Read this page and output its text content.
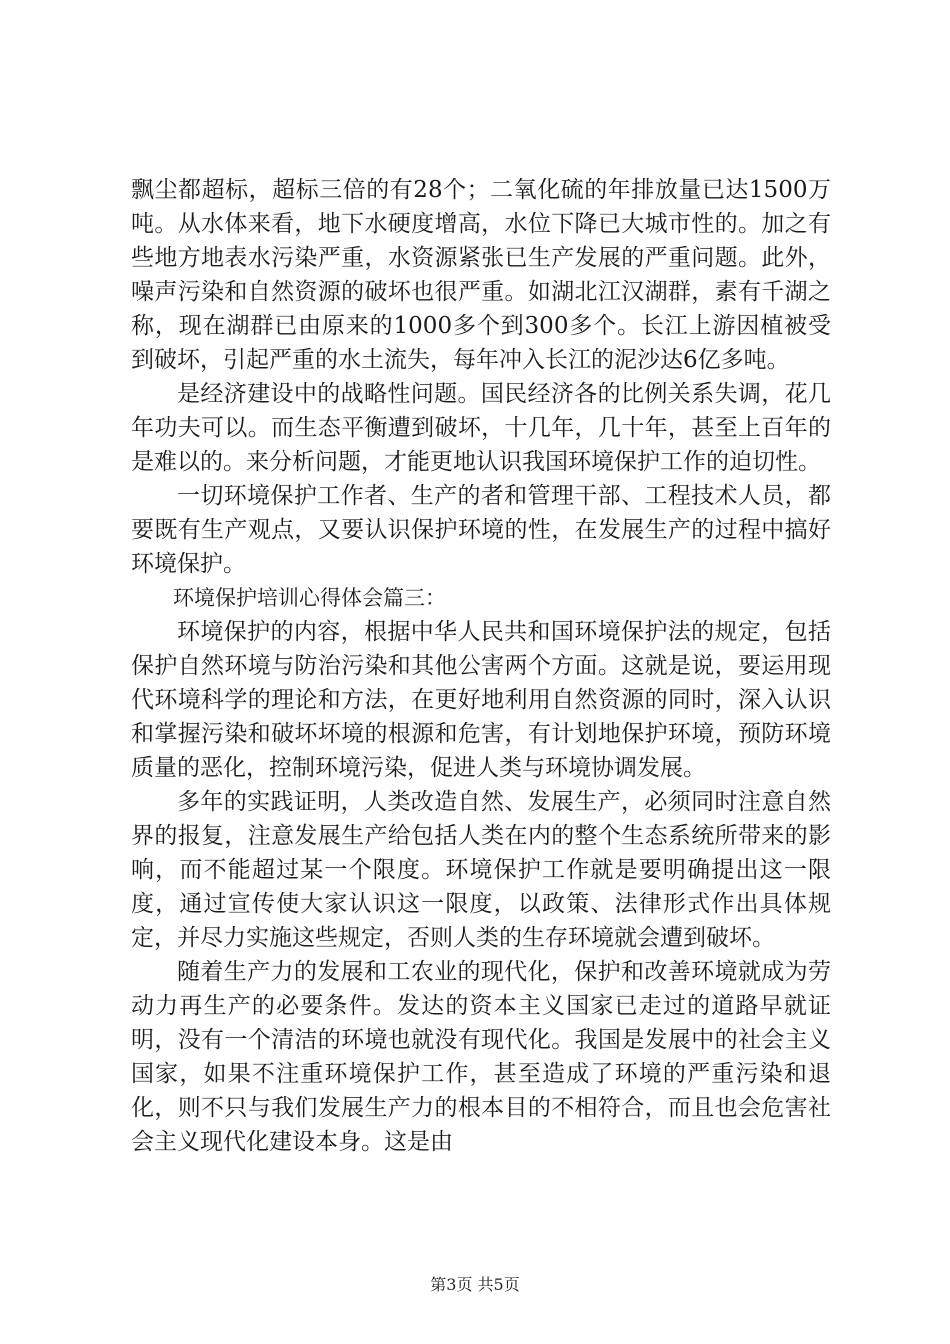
飘尘都超标，超标三倍的有28个；二氧化硫的年排放量已达1500万吨。从水体来看，地下水硬度增高，水位下降已大城市性的。加之有些地方地表水污染严重，水资源紧张已生产发展的严重问题。此外，噪声污染和自然资源的破坏也很严重。如湖北江汉湖群，素有千湖之称，现在湖群已由原来的1000多个到300多个。长江上游因植被受到破坏，引起严重的水土流失，每年冲入长江的泥沙达6亿多吨。

是经济建设中的战略性问题。国民经济各的比例关系失调，花几年功夫可以。而生态平衡遭到破坏，十几年，几十年，甚至上百年的是难以的。来分析问题，才能更地认识我国环境保护工作的迫切性。

一切环境保护工作者、生产的者和管理干部、工程技术人员，都要既有生产观点，又要认识保护环境的性，在发展生产的过程中搞好环境保护。

环境保护培训心得体会篇三：

环境保护的内容，根据中华人民共和国环境保护法的规定，包括保护自然环境与防治污染和其他公害两个方面。这就是说，要运用现代环境科学的理论和方法，在更好地利用自然资源的同时，深入认识和掌握污染和破坏坏境的根源和危害，有计划地保护环境，预防环境质量的恶化，控制环境污染，促进人类与环境协调发展。

多年的实践证明，人类改造自然、发展生产，必须同时注意自然界的报复，注意发展生产给包括人类在内的整个生态系统所带来的影响，而不能超过某一个限度。环境保护工作就是要明确提出这一限度，通过宣传使大家认识这一限度，以政策、法律形式作出具体规定，并尽力实施这些规定，否则人类的生存环境就会遭到破坏。

随着生产力的发展和工农业的现代化，保护和改善环境就成为劳动力再生产的必要条件。发达的资本主义国家已走过的道路早就证明，没有一个清洁的环境也就没有现代化。我国是发展中的社会主义国家，如果不注重环境保护工作，甚至造成了环境的严重污染和退化，则不只与我们发展生产力的根本目的不相符合，而且也会危害社会主义现代化建设本身。这是由

第3页 共5页
